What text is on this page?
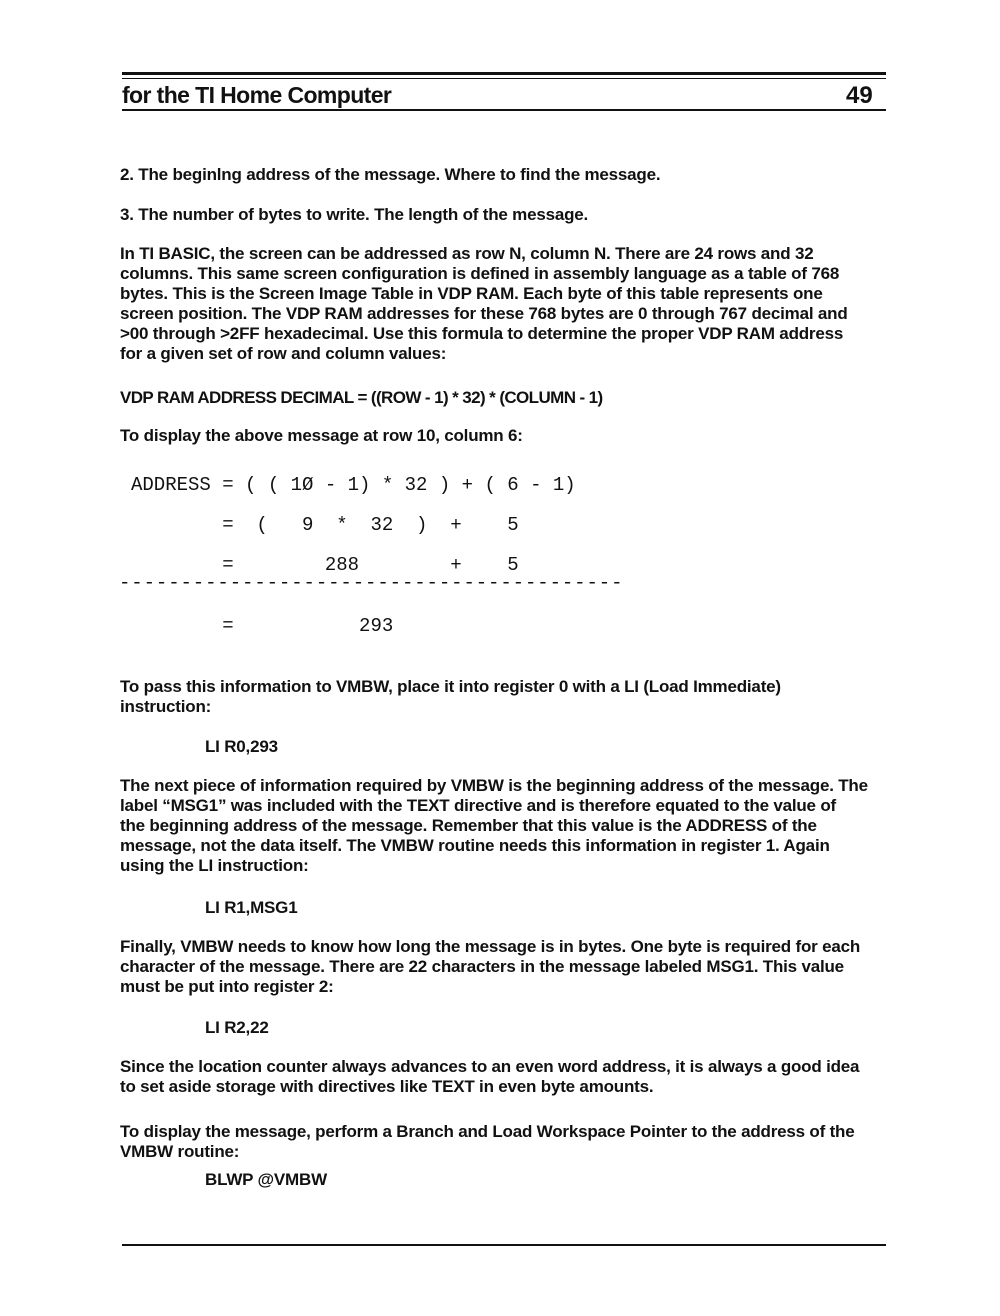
for the TI Home Computer	49
2. The beginlng address of the message. Where to find the message.
3. The number of bytes to write. The length of the message.
In TI BASIC, the screen can be addressed as row N, column N. There are 24 rows and 32
columns. This same screen configuration is defined in assembly language as a table of 768
bytes. This is the Screen Image Table in VDP RAM. Each byte of this table represents one
screen position. The VDP RAM addresses for these 768 bytes are 0 through 767 decimal and
>00 through >2FF hexadecimal. Use this formula to determine the proper VDP RAM address
for a given set of row and column values:
VDP RAM ADDRESS DECIMAL = ((ROW - 1) * 32) * (COLUMN - 1)
To display the above message at row 10, column 6:
ADDRESS = ( ( 1Ø - 1) * 32 ) + ( 6 - 1)
=  (   9  *  32  )  +    5
=        288        +    5
-----------------------------------------
=           293
To pass this information to VMBW, place it into register 0 with a LI (Load Immediate)
instruction:
LI R0,293
The next piece of information required by VMBW is the beginning address of the message. The
label “MSG1” was included with the TEXT directive and is therefore equated to the value of
the beginning address of the message. Remember that this value is the ADDRESS of the
message, not the data itself. The VMBW routine needs this information in register 1. Again
using the LI instruction:
LI R1,MSG1
Finally, VMBW needs to know how long the message is in bytes. One byte is required for each
character of the message. There are 22 characters in the message labeled MSG1. This value
must be put into register 2:
LI R2,22
Since the location counter always advances to an even word address, it is always a good idea
to set aside storage with directives like TEXT in even byte amounts.
To display the message, perform a Branch and Load Workspace Pointer to the address of the
VMBW routine:
BLWP @VMBW
